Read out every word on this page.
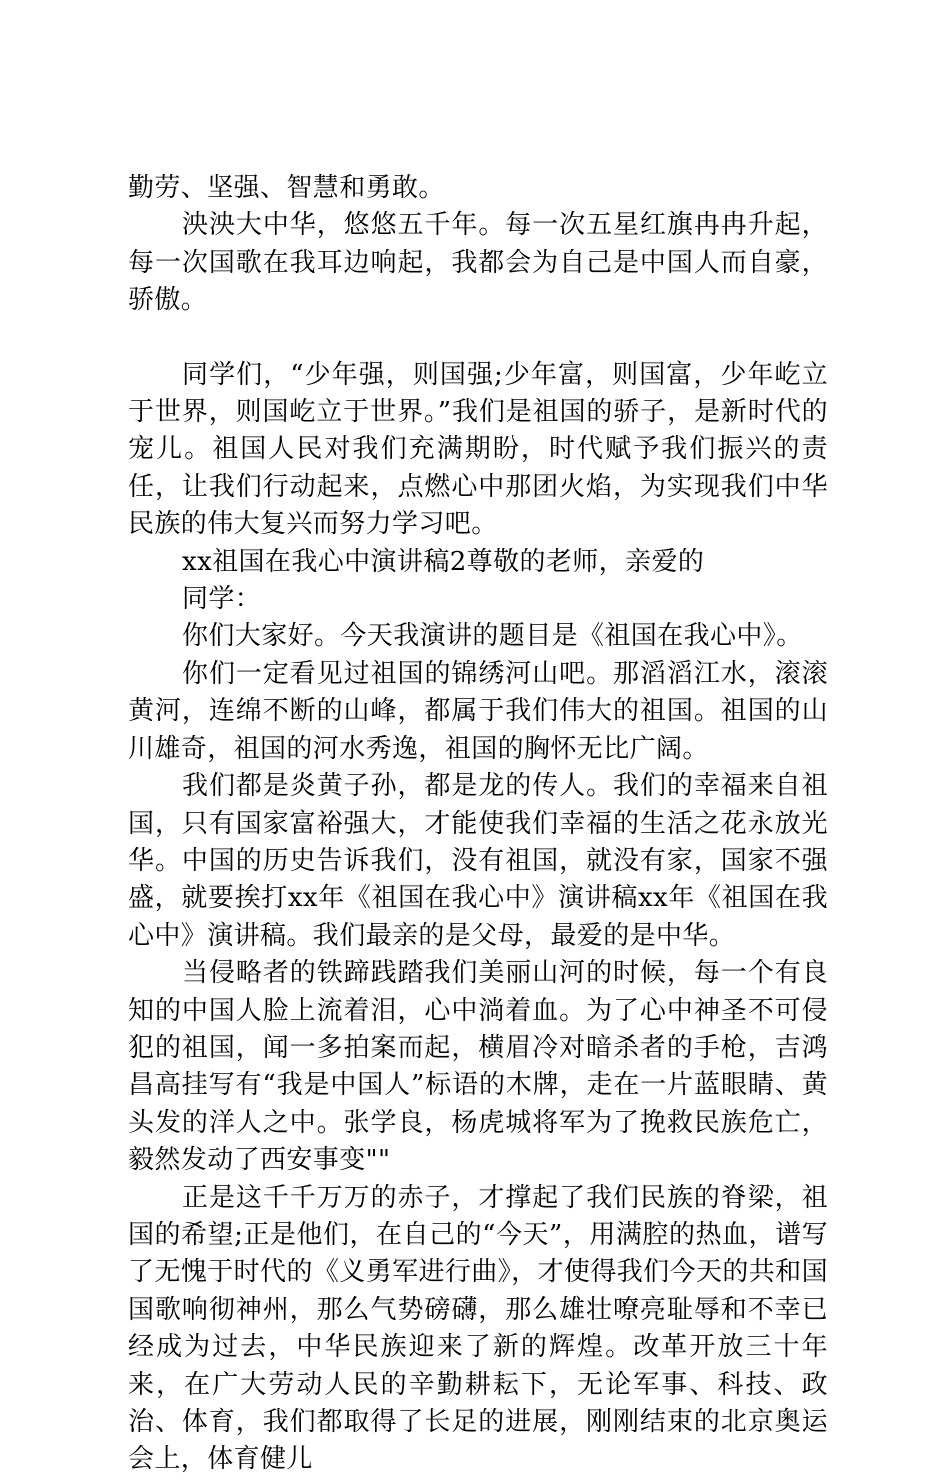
勤劳、坚强、智慧和勇敢。

泱泱大中华，悠悠五千年。每一次五星红旗冉冉升起，每一次国歌在我耳边响起，我都会为自己是中国人而自豪，骄傲。

同学们，“少年强，则国强;少年富，则国富，少年屹立于世界，则国屹立于世界。”我们是祖国的骄子，是新时代的宠儿。祖国人民对我们充满期盼，时代赋予我们振兴的责任，让我们行动起来，点燃心中那团火焰，为实现我们中华民族的伟大复兴而努力学习吧。

xx祖国在我心中演讲稿2尊敬的老师，亲爱的

同学：

你们大家好。今天我演讲的题目是《祖国在我心中》。

你们一定看见过祖国的锦绣河山吧。那滔滔江水，滚滚黄河，连绵不断的山峰，都属于我们伟大的祖国。祖国的山川雄奇，祖国的河水秀逸，祖国的胸怀无比广阔。

我们都是炎黄子孙，都是龙的传人。我们的幸福来自祖国，只有国家富裕强大，才能使我们幸福的生活之花永放光华。中国的历史告诉我们，没有祖国，就没有家，国家不强盛，就要挨打xx年《祖国在我心中》演讲稿xx年《祖国在我心中》演讲稿。我们最亲的是父母，最爱的是中华。

当侵略者的铁蹄践踏我们美丽山河的时候，每一个有良知的中国人脸上流着泪，心中淌着血。为了心中神圣不可侵犯的祖国，闻一多拍案而起，横眉冷对暗杀者的手枪，吉鸿昌高挂写有“我是中国人”标语的木牌，走在一片蓝眼睛、黄头发的洋人之中。张学良，杨虎城将军为了挽救民族危亡，毅然发动了西安事变""

正是这千千万万的赤子，才撑起了我们民族的脊梁，祖国的希望;正是他们，在自己的“今天”，用满腔的热血，谱写了无愧于时代的《义勇军进行曲》，才使得我们今天的共和国国歌响彻神州，那么气势磅礴，那么雄壮嘹亮耻辱和不幸已经成为过去，中华民族迎来了新的辉煌。改革开放三十年来，在广大劳动人民的辛勤耕耘下，无论军事、科技、政治、体育，我们都取得了长足的进展，刚刚结束的北京奥运会上，体育健儿
